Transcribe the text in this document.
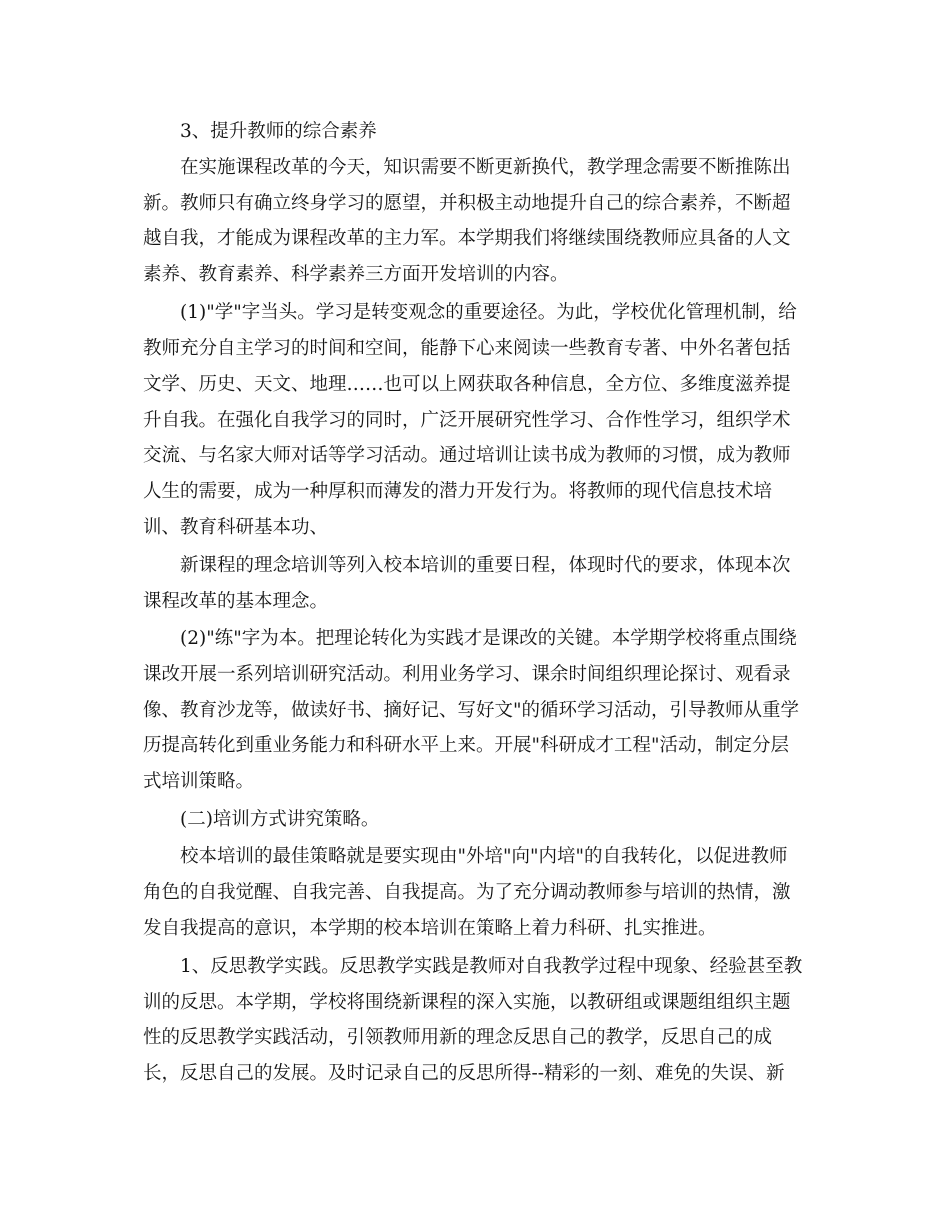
3、提升教师的综合素养
在实施课程改革的今天，知识需要不断更新换代，教学理念需要不断推陈出
新。教师只有确立终身学习的愿望，并积极主动地提升自己的综合素养，不断超
越自我，才能成为课程改革的主力军。本学期我们将继续围绕教师应具备的人文
素养、教育素养、科学素养三方面开发培训的内容。
(1)"学"字当头。学习是转变观念的重要途径。为此，学校优化管理机制，给
教师充分自主学习的时间和空间，能静下心来阅读一些教育专著、中外名著包括
文学、历史、天文、地理……也可以上网获取各种信息，全方位、多维度滋养提
升自我。在强化自我学习的同时，广泛开展研究性学习、合作性学习，组织学术
交流、与名家大师对话等学习活动。通过培训让读书成为教师的习惯，成为教师
人生的需要，成为一种厚积而薄发的潜力开发行为。将教师的现代信息技术培
训、教育科研基本功、
新课程的理念培训等列入校本培训的重要日程，体现时代的要求，体现本次
课程改革的基本理念。
(2)"练"字为本。把理论转化为实践才是课改的关键。本学期学校将重点围绕
课改开展一系列培训研究活动。利用业务学习、课余时间组织理论探讨、观看录
像、教育沙龙等，做读好书、摘好记、写好文"的循环学习活动，引导教师从重学
历提高转化到重业务能力和科研水平上来。开展"科研成才工程"活动，制定分层
式培训策略。
(二)培训方式讲究策略。
校本培训的最佳策略就是要实现由"外培"向"内培"的自我转化，以促进教师
角色的自我觉醒、自我完善、自我提高。为了充分调动教师参与培训的热情，激
发自我提高的意识，本学期的校本培训在策略上着力科研、扎实推进。
1、反思教学实践。反思教学实践是教师对自我教学过程中现象、经验甚至教
训的反思。本学期，学校将围绕新课程的深入实施，以教研组或课题组组织主题
性的反思教学实践活动，引领教师用新的理念反思自己的教学，反思自己的成
长，反思自己的发展。及时记录自己的反思所得--精彩的一刻、难免的失误、新
